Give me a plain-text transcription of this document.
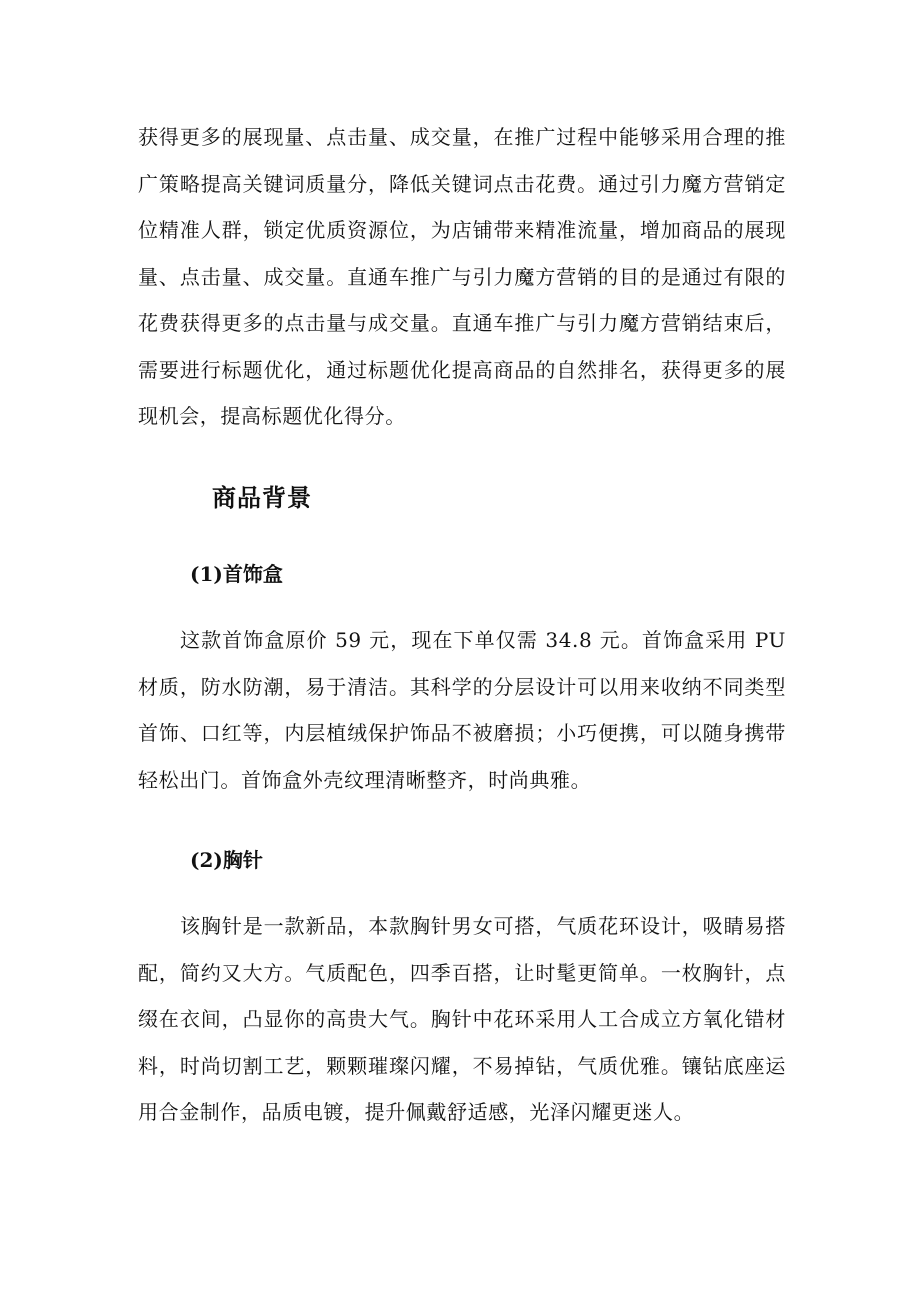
获得更多的展现量、点击量、成交量，在推广过程中能够采用合理的推广策略提高关键词质量分，降低关键词点击花费。通过引力魔方营销定位精准人群，锁定优质资源位，为店铺带来精准流量，增加商品的展现量、点击量、成交量。直通车推广与引力魔方营销的目的是通过有限的花费获得更多的点击量与成交量。直通车推广与引力魔方营销结束后，需要进行标题优化，通过标题优化提高商品的自然排名，获得更多的展现机会，提高标题优化得分。

商品背景
(1)首饰盒

这款首饰盒原价 59 元，现在下单仅需 34.8 元。首饰盒采用 PU 材质，防水防潮，易于清洁。其科学的分层设计可以用来收纳不同类型首饰、口红等，内层植绒保护饰品不被磨损；小巧便携，可以随身携带轻松出门。首饰盒外壳纹理清晰整齐，时尚典雅。

(2)胸针

该胸针是一款新品，本款胸针男女可搭，气质花环设计，吸睛易搭配，简约又大方。气质配色，四季百搭，让时髦更简单。一枚胸针，点缀在衣间，凸显你的高贵大气。胸针中花环采用人工合成立方氧化错材料，时尚切割工艺，颗颗璀璨闪耀，不易掉钻，气质优雅。镶钻底座运用合金制作，品质电镀，提升佩戴舒适感，光泽闪耀更迷人。
